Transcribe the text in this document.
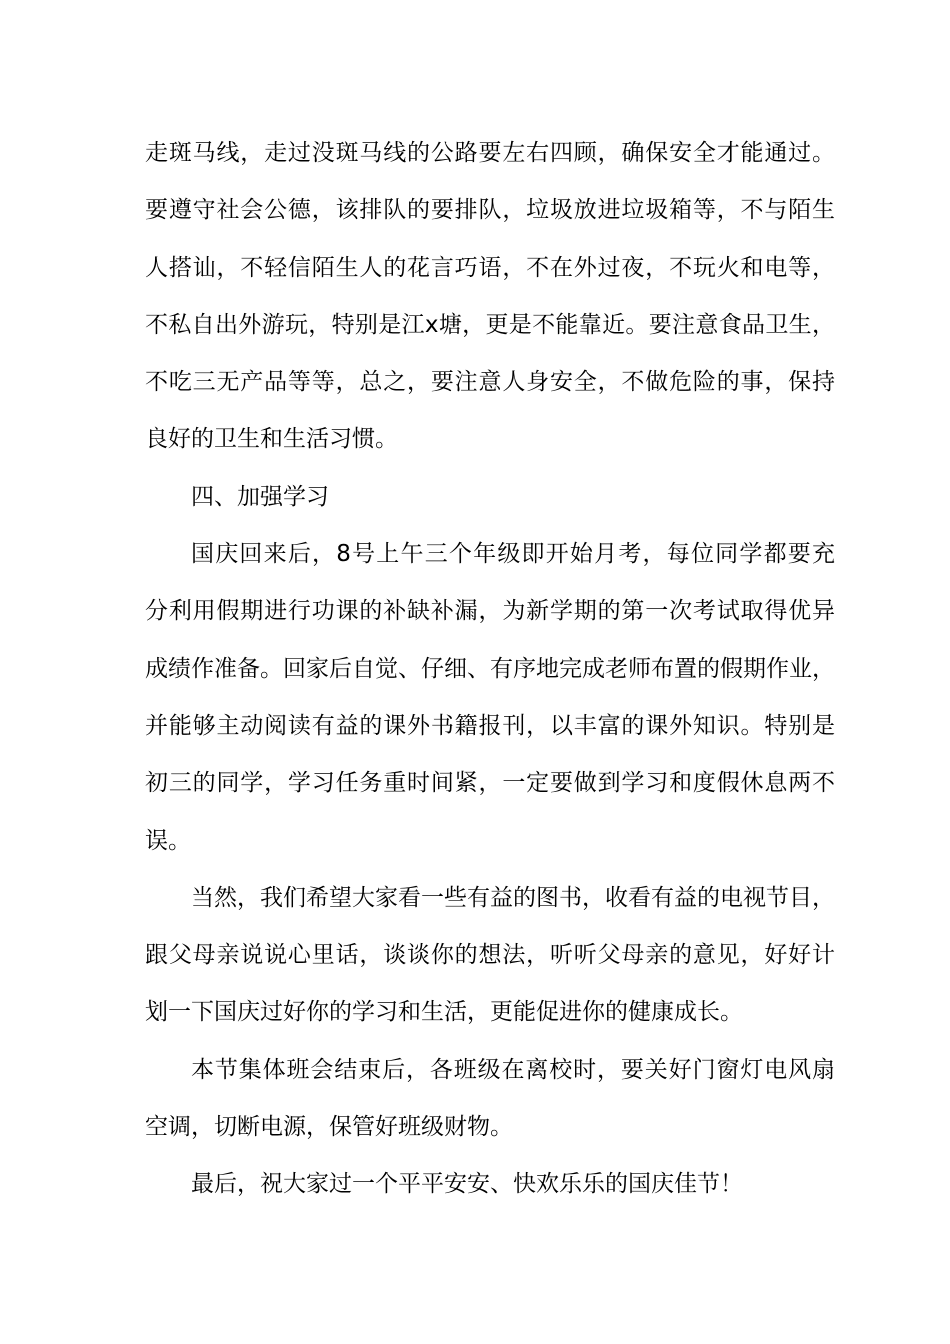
走斑马线，走过没斑马线的公路要左右四顾，确保安全才能通过。
要遵守社会公德，该排队的要排队，垃圾放进垃圾箱等，不与陌生
人搭讪，不轻信陌生人的花言巧语，不在外过夜，不玩火和电等，
不私自出外游玩，特别是江x塘，更是不能靠近。要注意食品卫生，
不吃三无产品等等，总之，要注意人身安全，不做危险的事，保持
良好的卫生和生活习惯。
四、加强学习
国庆回来后，8号上午三个年级即开始月考，每位同学都要充
分利用假期进行功课的补缺补漏，为新学期的第一次考试取得优异
成绩作准备。回家后自觉、仔细、有序地完成老师布置的假期作业，
并能够主动阅读有益的课外书籍报刊，以丰富的课外知识。特别是
初三的同学，学习任务重时间紧，一定要做到学习和度假休息两不
误。
当然，我们希望大家看一些有益的图书，收看有益的电视节目，
跟父母亲说说心里话，谈谈你的想法，听听父母亲的意见，好好计
划一下国庆过好你的学习和生活，更能促进你的健康成长。
本节集体班会结束后，各班级在离校时，要关好门窗灯电风扇
空调，切断电源，保管好班级财物。
最后，祝大家过一个平平安安、快欢乐乐的国庆佳节！
